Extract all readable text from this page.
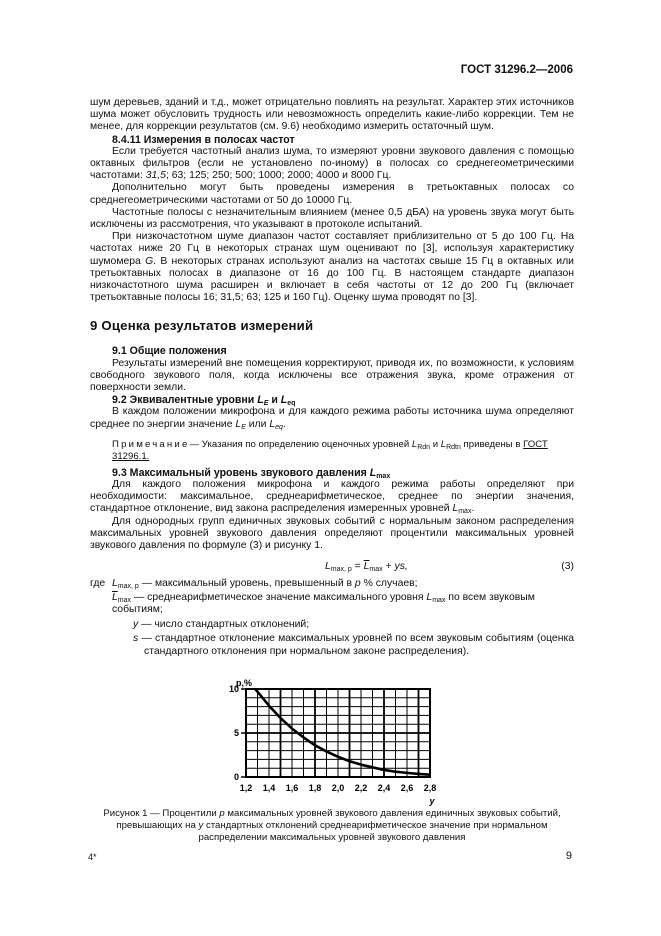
ГОСТ 31296.2—2006

шум деревьев, зданий и т.д., может отрицательно повлиять на результат. Характер этих источников шума может обусловить трудность или невозможность определить какие-либо коррекции. Тем не менее, для коррекции результатов (см. 9.6) необходимо измерить остаточный шум.

8.4.11 Измерения в полосах частот

Если требуется частотный анализ шума, то измеряют уровни звукового давления с помощью октавных фильтров (если не установлено по-иному) в полосах со среднегеометрическими частотами: 31,5; 63; 125; 250; 500; 1000; 2000; 4000 и 8000 Гц.

Дополнительно могут быть проведены измерения в третьоктавных полосах со среднегеометрическими частотами от 50 до 10000 Гц.

Частотные полосы с незначительным влиянием (менее 0,5 дБА) на уровень звука могут быть исключены из рассмотрения, что указывают в протоколе испытаний.

При низкочастотном шуме диапазон частот составляет приблизительно от 5 до 100 Гц. На частотах ниже 20 Гц в некоторых странах шум оценивают по [3], используя характеристику шумомера G. В некоторых странах используют анализ на частотах свыше 15 Гц в октавных или третьоктавных полосах в диапазоне от 16 до 100 Гц. В настоящем стандарте диапазон низкочастотного шума расширен и включает в себя частоты от 12 до 200 Гц (включает третьоктавные полосы 16; 31,5; 63; 125 и 160 Гц). Оценку шума проводят по [3].

9 Оценка результатов измерений
9.1 Общие положения

Результаты измерений вне помещения корректируют, приводя их, по возможности, к условиям свободного звукового поля, когда исключены все отражения звука, кроме отражения от поверхности земли.

9.2 Эквивалентные уровни $L_E$ и $L_{eq}$

В каждом положении микрофона и для каждого режима работы источника шума определяют среднее по энергии значение $L_E$ или $L_{eq}$.

Примечание— Указания по определению оценочных уровней $L_{Rdn}$ и $L_{Rdtn}$ приведены в ГОСТ 31296.1.
9.3 Максимальный уровень звукового давления $L_{max}$

Для каждого положения микрофона и каждого режима работы определяют при необходимости: максимальное, среднеарифметическое, среднее по энергии значения, стандартное отклонение, вид закона распределения измеренных уровней $L_{max}$.

Для однородных групп единичных звуковых событий с нормальным законом распределения максимальных уровней звукового давления определяют процентили максимальных уровней звукового давления по формуле (3) и рисунку 1.

$L_{max, p} = \overline{L}_{max}$ + ys,	(3)
где $L_{max, p}$ — максимальный уровень, превышенный в p % случаев;
$\overline{L}_{max}$ — среднеарифметическое значение максимального уровня $L_{max}$ по всем звуковым событиям;
y — число стандартных отклонений;
s — стандартное отклонение максимальных уровней по всем звуковым событиям (оценка стандартного отклонения при нормальном законе распределения).
1,2 1,4 1,6 1,8 2,0 2,2 2,4 2,6 2,8
0
5
10
p,%
y
Рисунок 1 — Процентили p максимальных уровней звукового давления единичных звуковых событий,
превышающих на y стандартных отклонений среднеарифметическое значение при нормальном
распределении максимальных уровней звукового давления
4*	9
